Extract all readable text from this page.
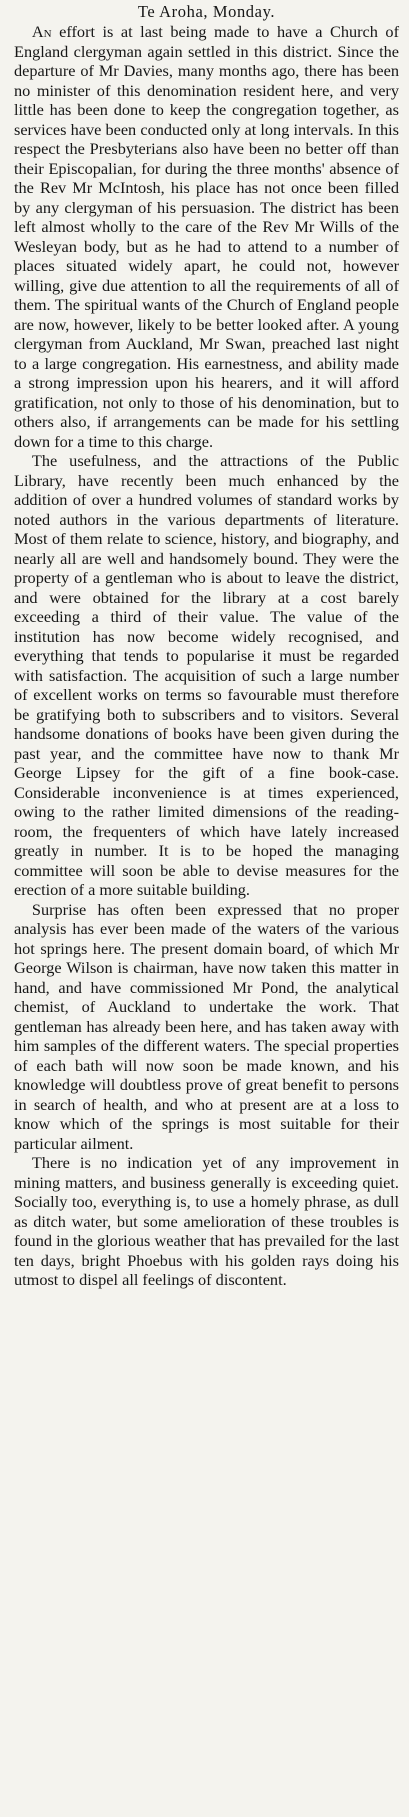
Te Aroha, Monday.

An effort is at last being made to have a Church of England clergyman again settled in this district. Since the departure of Mr Davies, many months ago, there has been no minister of this denomination resident here, and very little has been done to keep the congregation together, as services have been conducted only at long intervals. In this respect the Presbyterians also have been no better off than their Episcopalian, for during the three months' absence of the Rev Mr McIntosh, his place has not once been filled by any clergyman of his persuasion. The district has been left almost wholly to the care of the Rev Mr Wills of the Wesleyan body, but as he had to attend to a number of places situated widely apart, he could not, however willing, give due attention to all the requirements of all of them. The spiritual wants of the Church of England people are now, however, likely to be better looked after. A young clergyman from Auckland, Mr Swan, preached last night to a large congregation. His earnestness, and ability made a strong impression upon his hearers, and it will afford gratification, not only to those of his denomination, but to others also, if arrangements can be made for his settling down for a time to this charge.

The usefulness, and the attractions of the Public Library, have recently been much enhanced by the addition of over a hundred volumes of standard works by noted authors in the various departments of literature. Most of them relate to science, history, and biography, and nearly all are well and handsomely bound. They were the property of a gentleman who is about to leave the district, and were obtained for the library at a cost barely exceeding a third of their value. The value of the institution has now become widely recognised, and everything that tends to popularise it must be regarded with satisfaction. The acquisition of such a large number of excellent works on terms so favourable must therefore be gratifying both to subscribers and to visitors. Several handsome donations of books have been given during the past year, and the committee have now to thank Mr George Lipsey for the gift of a fine book-case. Considerable inconvenience is at times experienced, owing to the rather limited dimensions of the reading-room, the frequenters of which have lately increased greatly in number. It is to be hoped the managing committee will soon be able to devise measures for the erection of a more suitable building.

Surprise has often been expressed that no proper analysis has ever been made of the waters of the various hot springs here. The present domain board, of which Mr George Wilson is chairman, have now taken this matter in hand, and have commissioned Mr Pond, the analytical chemist, of Auckland to undertake the work. That gentleman has already been here, and has taken away with him samples of the different waters. The special properties of each bath will now soon be made known, and his knowledge will doubtless prove of great benefit to persons in search of health, and who at present are at a loss to know which of the springs is most suitable for their particular ailment.

There is no indication yet of any improvement in mining matters, and business generally is exceeding quiet. Socially too, everything is, to use a homely phrase, as dull as ditch water, but some amelioration of these troubles is found in the glorious weather that has prevailed for the last ten days, bright Phoebus with his golden rays doing his utmost to dispel all feelings of discontent.
